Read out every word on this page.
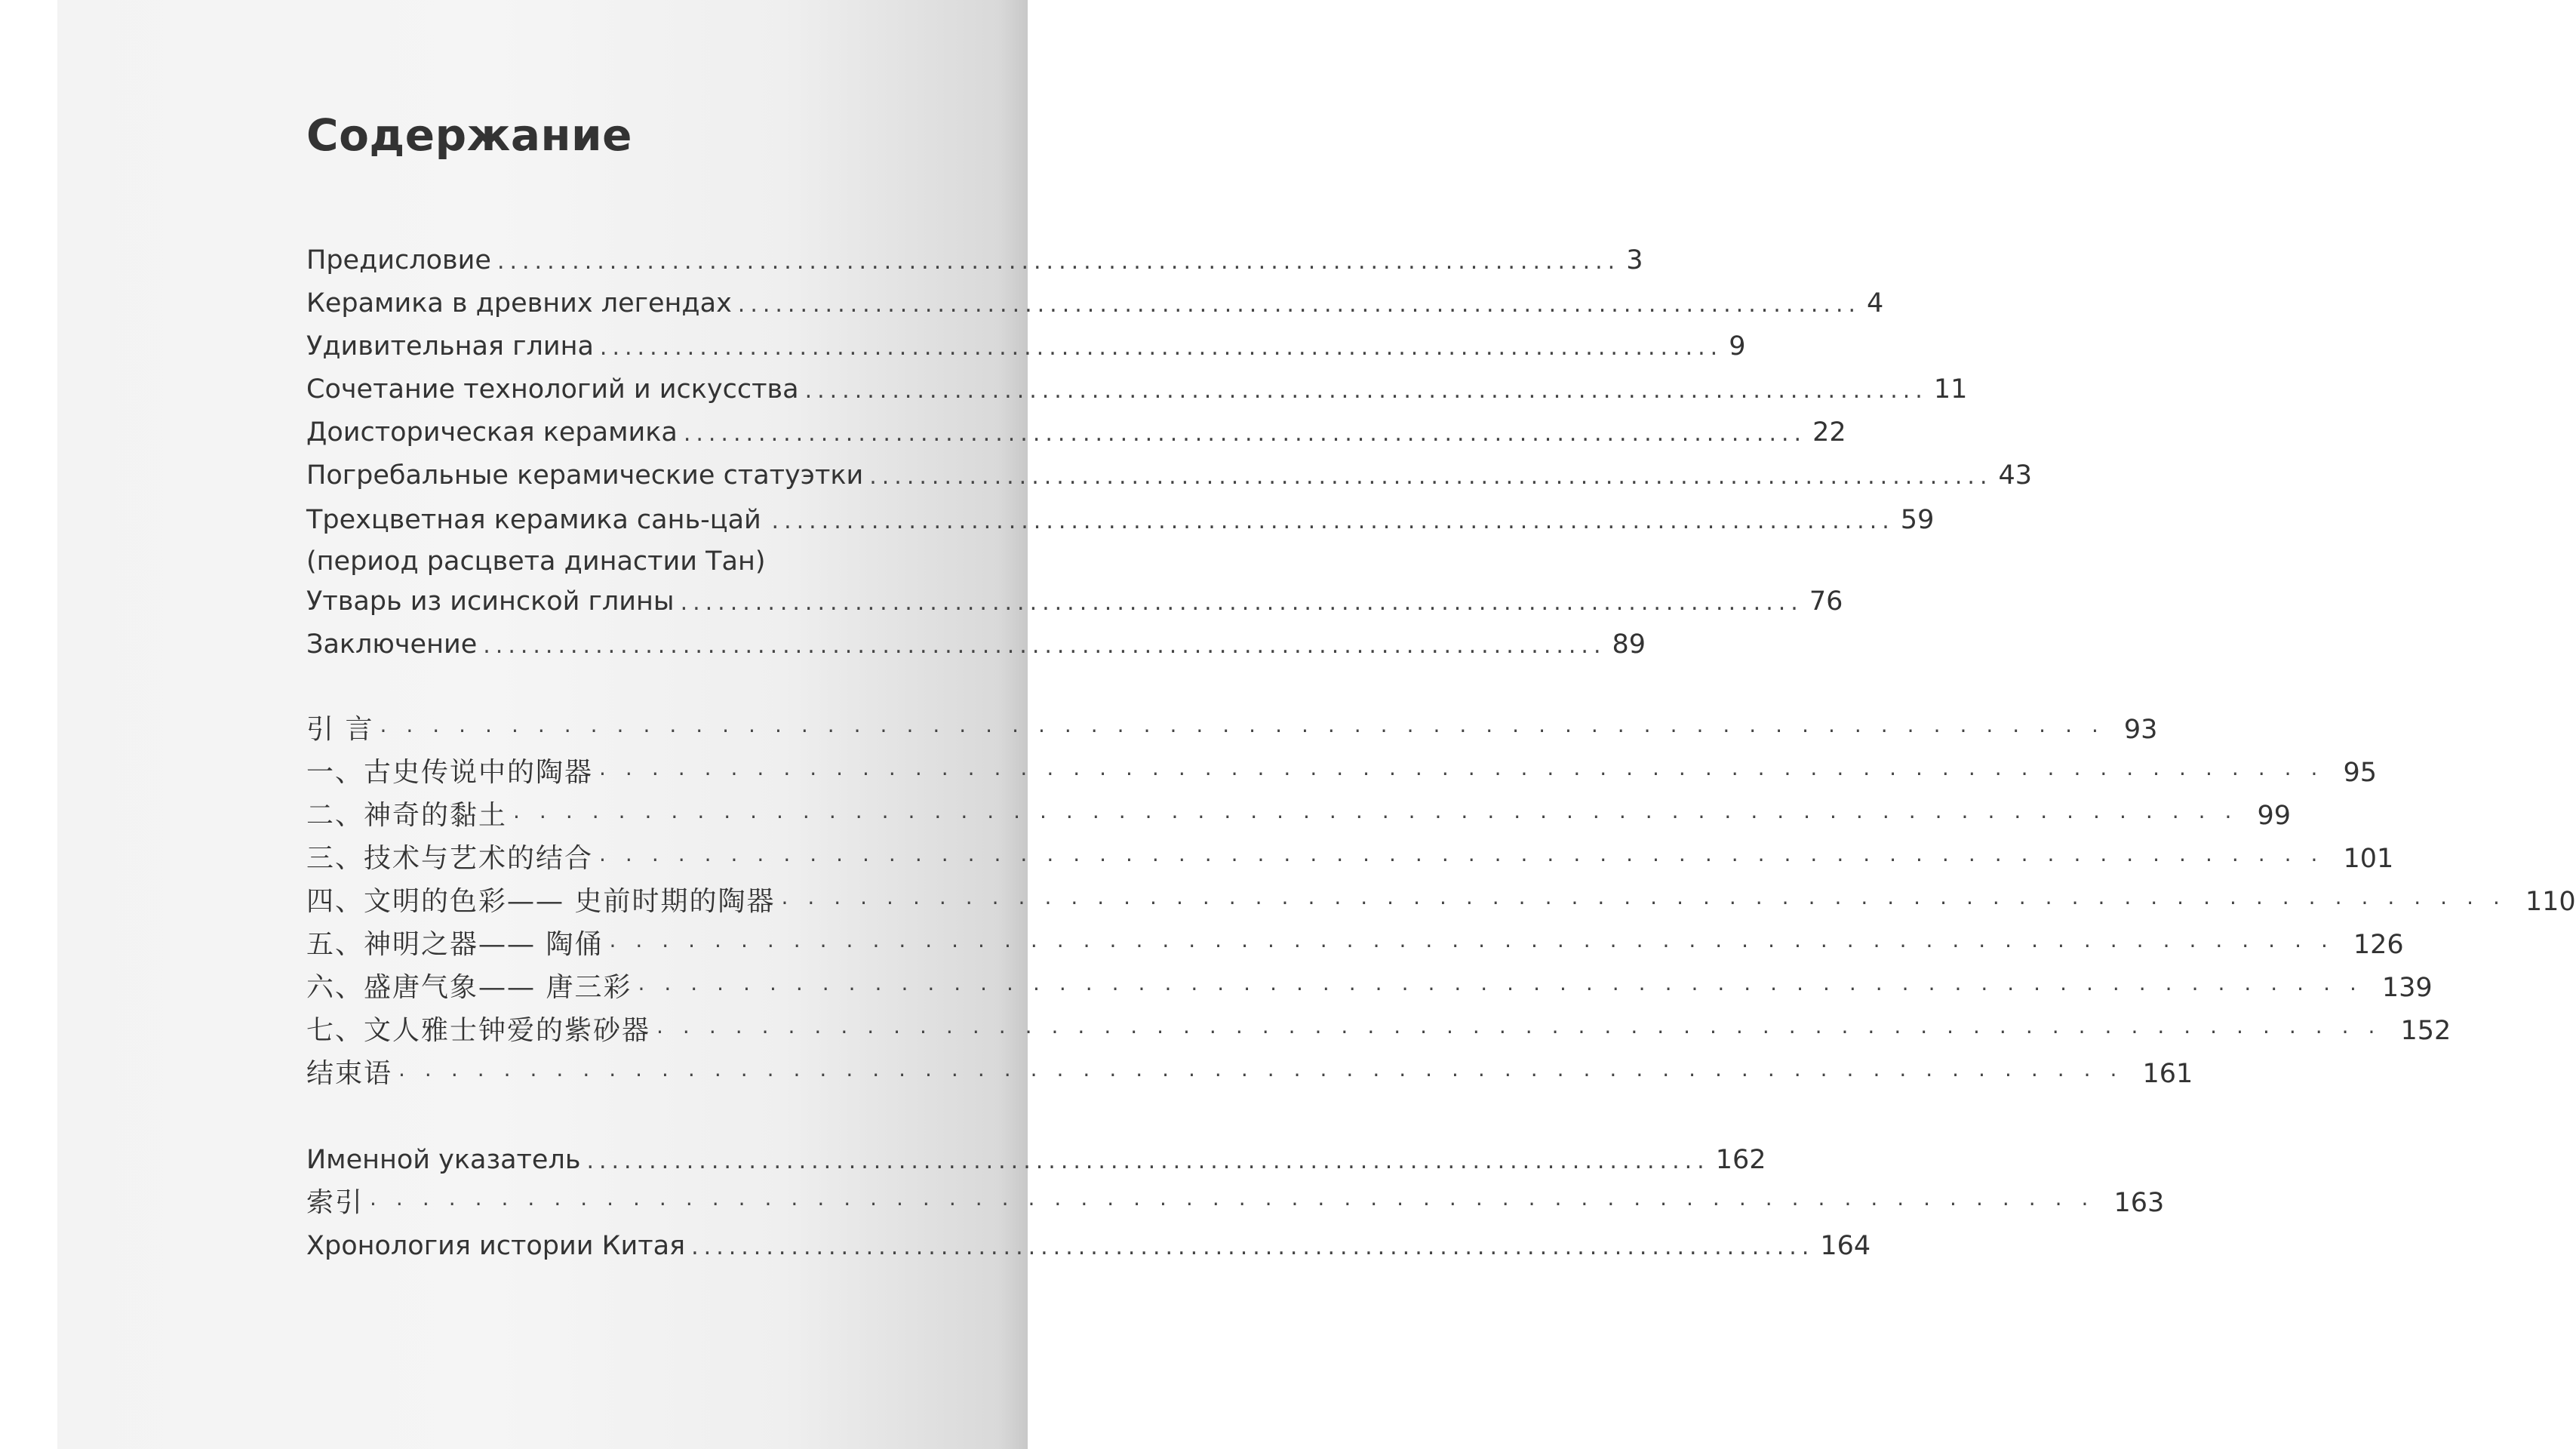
Содержание
Предисловие .......................................................................................... 3
Керамика в древних легендах .......................................................................................... 4
Удивительная глина .......................................................................................... 9
Сочетание технологий и искусства .......................................................................................... 11
Доисторическая керамика .......................................................................................... 22
Погребальные керамические статуэтки .......................................................................................... 43
Трехцветная керамика сань-цай
(период расцвета династии Тан)
.......................................................................................... 59
Утварь из исинской глины .......................................................................................... 76
Заключение .......................................................................................... 89
引 言 ·································································· 93
一、古史传说中的陶器 ·································································· 95
二、神奇的黏土 ·································································· 99
三、技术与艺术的结合 ·································································· 101
四、文明的色彩—— 史前时期的陶器 ·································································· 110
五、神明之器—— 陶俑 ·································································· 126
六、盛唐气象—— 唐三彩 ·································································· 139
七、文人雅士钟爱的紫砂器 ·································································· 152
结束语 ·································································· 161
Именной указатель .......................................................................................... 162
索引 ·································································· 163
Хронология истории Китая .......................................................................................... 164
